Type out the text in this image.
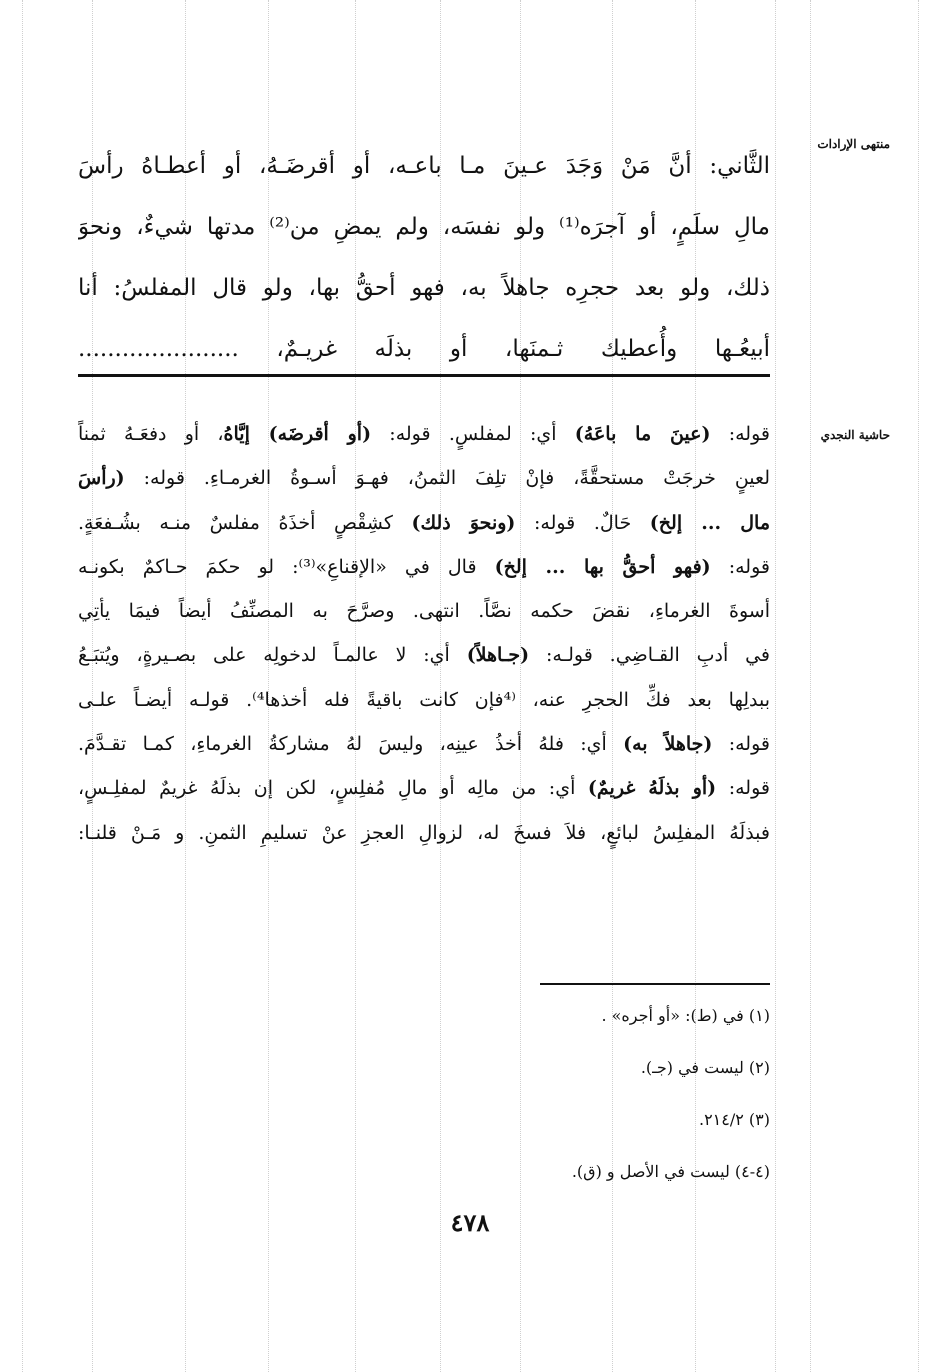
منتهى الإرادات
حاشية النجدي
الثَّاني: أنَّ مَنْ وَجَدَ عـينَ مـا باعـه، أو أقرضَـهُ، أو أعطـاهُ رأسَ
مالِ سلَمٍ، أو آجرَه⁽¹⁾ ولو نفسَه، ولم يمضِ من⁽²⁾ مدتها شيءٌ، ونحوَ
ذلك، ولو بعد حجرِه جاهلاً به، فهو أحقُّ بها، ولو قال المفلسُ: أنا
أبيعُـها وأُعطيك ثـمنَها، أو بذلَه غريـمٌ، ......................
قوله: (عينَ ما باعَهُ) أي: لمفلسٍ. قوله: (أو أقرضَه) إيَّاهُ، أو دفعَـهُ ثمناً
لعينٍ خرجَتْ مستحقَّةً، فإنْ تلِفَ الثمنُ، فهـوَ أسـوةُ الغرمـاءِ. قوله: (رأسَ
مال ... إلخ) حَالٌ. قوله: (ونحوَ ذلك) كشِقْصٍ أخذَهُ مفلسٌ منـه بشُـفعَةٍ.
قوله: (فهو أحقُّ بها ... إلخ) قال في «الإقناعِ»⁽³⁾: لو حكمَ حـاكمٌ بكونـه
أسوةَ الغرماءِ، نقضَ حكمه نصَّاً. انتهى. وصرَّحَ به المصنِّفُ أيضاً فيمَا يأتِي
في أدبِ القـاضِي. قولـه: (جـاهلاً) أي: لا عالمـاً لدخولِه على بصـيرةٍ، ويُتبَـعُ
ببدلِها بعد فكِّ الحجرِ عنه، ⁽⁴فإن كانت باقيةً فله أخذها⁴⁾. قولـه أيضـاً علـى
قوله: (جاهلاً به) أي: فلهُ أخذُ عينِه، وليسَ لهُ مشاركةُ الغرماءِ، كمـا تقـدَّمَ.
قوله: (أو بذلَهُ غريمٌ) أي: من مالِه أو مالِ مُفلِسٍ، لكن إن بذلَهُ غريمٌ لمفلِـسٍ،
فبذلَهُ المفلِسُ لبائعٍ، فلاَ فسخَ له، لزوالِ العجزِ عنْ تسليمِ الثمنِ. و مَـنْ قلنـا:
(١) في (ط): «أو أجره» .
(٢) ليست في (جـ).
(٣) ٢١٤/٢.
(٤-٤) ليست في الأصل و (ق).
٤٧٨
